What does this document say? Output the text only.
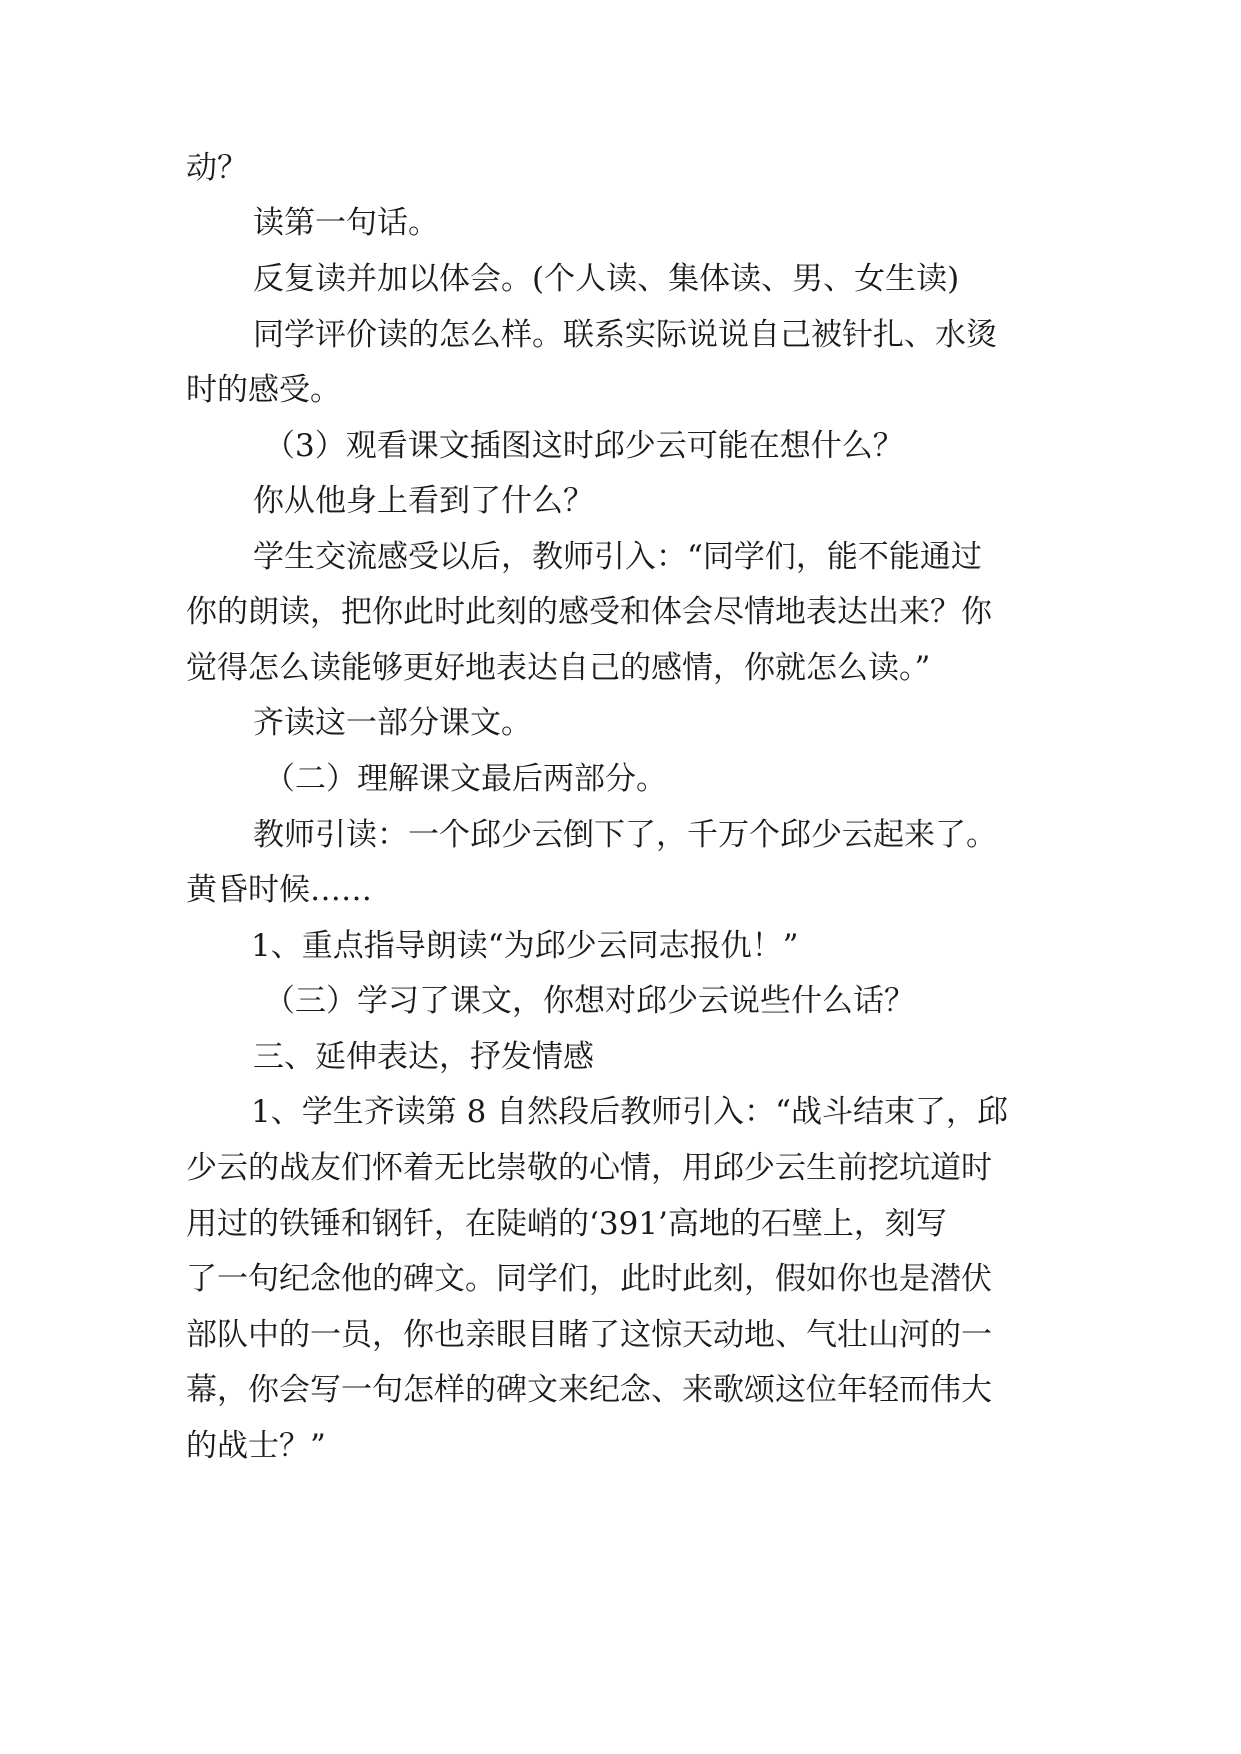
动？
读第一句话。
反复读并加以体会。(个人读、集体读、男、女生读)
同学评价读的怎么样。联系实际说说自己被针扎、水烫
时的感受。
（3）观看课文插图这时邱少云可能在想什么？
你从他身上看到了什么？
学生交流感受以后，教师引入：“同学们，能不能通过
你的朗读，把你此时此刻的感受和体会尽情地表达出来？你
觉得怎么读能够更好地表达自己的感情，你就怎么读。”
齐读这一部分课文。
（二）理解课文最后两部分。
教师引读：一个邱少云倒下了，千万个邱少云起来了。
黄昏时候……
1、重点指导朗读“为邱少云同志报仇！”
（三）学习了课文，你想对邱少云说些什么话？
三、延伸表达，抒发情感
1、学生齐读第 8 自然段后教师引入：“战斗结束了，邱
少云的战友们怀着无比崇敬的心情，用邱少云生前挖坑道时
用过的铁锤和钢钎，在陡峭的‘391’高地的石壁上，刻写
了一句纪念他的碑文。同学们，此时此刻，假如你也是潜伏
部队中的一员，你也亲眼目睹了这惊天动地、气壮山河的一
幕，你会写一句怎样的碑文来纪念、来歌颂这位年轻而伟大
的战士？”
